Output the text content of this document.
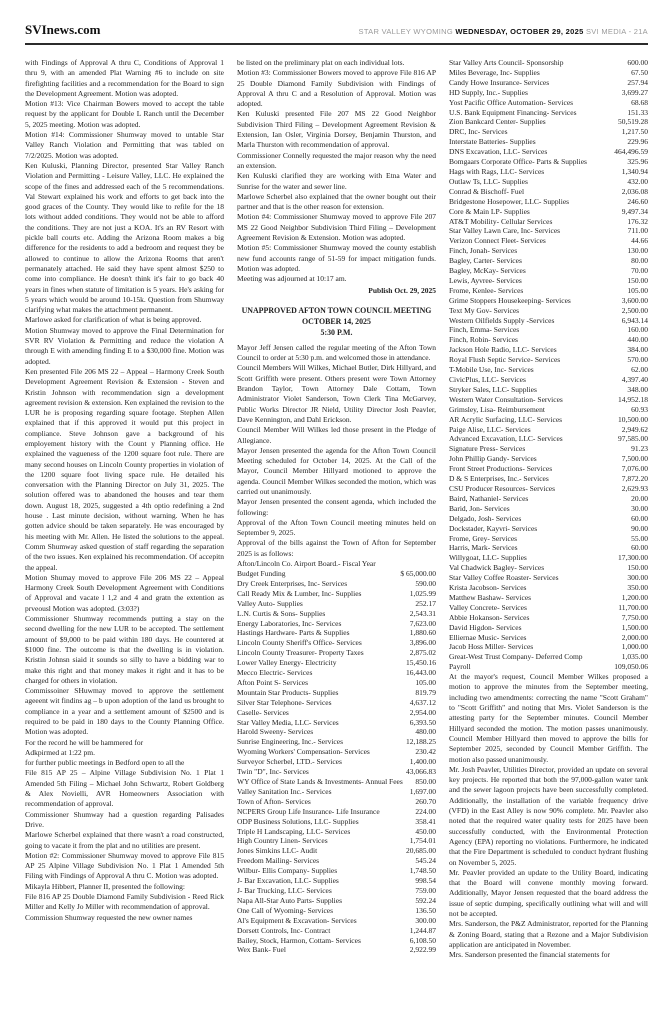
SVInews.com	STAR VALLEY WYOMING WEDNESDAY, OCTOBER 29, 2025 SVI MEDIA - 21A

with Findings of Approval A thru C, Conditions of Approval 1 thru 9, with an amended Plat Warning #6 to include on site firefighting facilities and a recommendation for the Board to sign the Development Agreement. Motion was adopted.

Motion #13: Vice Chairman Bowers moved to accept the table request by the applicant for Double L Ranch until the December 5, 2025 meeting. Motion was adopted.

Motion #14: Commissioner Shumway moved to untable Star Valley Ranch Violation and Permitting that was tabled on 7/2/2025. Motion was adopted.

Ken Kuluski, Planning Director, presented Star Valley Ranch Violation and Permitting - Leisure Valley, LLC. He explained the scope of the fines and addressed each of the 5 recommendations. Val Stewart explained his work and efforts to get back into the good graces of the County. They would like to refile for the 18 lots without added conditions. They would not be able to afford the conditions. They are not just a KOA. It's an RV Resort with pickle ball courts etc. Adding the Arizona Room makes a big difference for the residents to add a bedroom and request they be allowed to continue to allow the Arizona Rooms that aren't permanately attached. He said they have spent almost $250 to come into compliance. He doesn't think it's fair to go back 40 years in fines when statute of limitation is 5 years. He's asking for 5 years which would be around 10-15k. Question from Shumway clarifying what makes the attachment permanent.

Marlowe asked for clarification of what is being approved.

Motion Shumway moved to approve the Final Determination for SVR RV Violation & Permitting and reduce the violation A through E with amending finding E to a $30,000 fine. Motion was adopted.

Ken presented File 206 MS 22 – Appeal – Harmony Creek South Development Agreement Revision & Extension - Steven and Kristin Johnson with recommendation sign a development agreement revision & extension. Ken explained the revision to the LUR he is proposing regarding square footage. Stephen Allen explained that if this approved it would put this project in compliance. Steve Johnson gave a background of his employement history with the Count y Planning office. He explained the vagueness of the 1200 square foot rule. There are many second houses on Lincoln County properties in violation of the 1200 square foot living space rule. He detailed his conversation with the Planning Director on July 31, 2025. The solution offered was to abandoned the houses and tear them down. August 18, 2025, suggested a 4th optio redefining a 2nd house . Last minute decision, without warning. When he has gotten advice should be taken separately. He was encouraged by his meeting with Mr. Allen. He listed the solutions to the appeal. Comm Shumway asked question of staff regarding the separation of the two issues. Ken explained his recommendation. Of accepitn the appeal.

Motion Shumay moved to approve File 206 MS 22 – Appeal Harmony Creek South Development Agreement with Conditions of Approval and vacate l 1,2 and 4 and gratn the extention as prveousl Motion was adopted. (3:03?)

Commissioner Shumway recommends putting a stay on the second dwelling for the new LUR to be accepted. The settlement amount of $9,000 to be paid within 180 days. He countered at $1000 fine. The outcome is that the dwelling is in violation. Kristin Johnsn siaid it sounds so silly to have a bidding war to make this right and that money makes it right and it has to be charged for others in violation.

Commissoiner SHuwmay moved to approve the settlement ageeent wit findins ag – b upon adoption of the land us brought to compliance in a year and a settlement amount of $2500 and is required to be paid in 180 days to the County Planning Office. Motion was adopted.

For the record he will be hammered for

Adkpirmed at 1:22 pm.

for further public meetings in Bedford open to all the

File 815 AP 25 – Alpine Village Subdivision No. 1 Plat 1 Amended 5th Filing – Michael John Schwartz, Robert Goldberg & Alex Novielli, AVR Homeowners Association with recommendation of approval.

Commissioner Shumway had a question regarding Palisades Drive.

Marlowe Scherbel explained that there wasn't a road constructed, going to vacate it from the plat and no utilities are present.

Motion #2: Commissioner Shumway moved to approve File 815 AP 25 Alpine Village Subdivision No. 1 Plat 1 Amended 5th Filing with Findings of Approval A thru C. Motion was adopted.

Mikayla Hibbert, Planner II, presented the following:

File 816 AP 25 Double Diamond Family Subdivision - Reed Rick Miller and Kelly Jo Miller with recommendation of approval.

Commission Shumway requested the new owner names

be listed on the preliminary plat on each individual lots.

Motion #3: Commissioner Bowers moved to approve File 816 AP 25 Double Diamond Family Subdivision with Findings of Approval A thru C and a Resolution of Approval. Motion was adopted.

Ken Kuluski presented File 207 MS 22 Good Neighbor Subdivision Third Filing – Development Agreement Revision & Extension, Ian Osler, Virginia Dorsey, Benjamin Thurston, and Marla Thurston with recommendation of approval.

Commissioner Connelly requested the major reason why the need an extension.

Ken Kuluski clarified they are working with Etna Water and Sunrise for the water and sewer line.

Marlowe Scherbel also explained that the owner bought out their partner and that is the other reason for extension.

Motion #4: Commissioner Shumway moved to approve File 207 MS 22 Good Neighbor Subdivision Third Filing – Development Agreement Revision & Extension. Motion was adopted.

Motion #5: Commissioner Shumway moved the county establish new fund accounts range of 51-59 for impact mitigation funds. Motion was adopted.

Meeting was adjourned at 10:17 am.

Publish Oct. 29, 2025
UNAPPROVED AFTON TOWN COUNCIL MEETING
OCTOBER 14, 2025
5:30 P.M.

Mayor Jeff Jensen called the regular meeting of the Afton Town Council to order at 5:30 p.m. and welcomed those in attendance.

Council Members Will Wilkes, Michael Butler, Dirk Hillyard, and Scott Griffith were present. Others present were Town Attorney Brandon Taylor, Town Attorney Dale Cottam, Town Administrator Violet Sanderson, Town Clerk Tina McGarvey, Public Works Director JR Nield, Utility Director Josh Peavler, Dave Kennington, and Dahl Erickson.

Council Member Will Wilkes led those present in the Pledge of Allegiance.

Mayor Jensen presented the agenda for the Afton Town Council Meeting scheduled for October 14, 2025. At the Call of the Mayor, Council Member Hillyard motioned to approve the agenda. Council Member Wilkes seconded the motion, which was carried out unanimously.

Mayor Jensen presented the consent agenda, which included the following:

Approval of the Afton Town Council meeting minutes held on September 9, 2025.

Approval of the bills against the Town of Afton for September 2025 is as follows:

Afton/Lincoln Co. Airport Board.- Fiscal Year Budget Funding	$ 65,000.00
Dry Creek Enterprises, Inc- Services	590.00
Call Ready Mix & Lumber, Inc- Supplies	1,025.99
Valley Auto- Supplies	252.17
L.N. Curtis & Sons- Supplies	2,543.31
Energy Laboratories, Inc- Services	7,623.00
Hastings Hardware- Parts & Supplies	1,880.60
Lincoln County Sheriff's Office- Services	3,896.00
Lincoln County Treasurer- Property Taxes	2,875.02
Lower Valley Energy- Electricity	15,450.16
Mecco Electric- Services	16,443.00
Afton Point S- Services	105.00
Mountain Star Products- Supplies	819.79
Silver Star Telephone- Services	4,637.12
Caselle- Services	2,954.00
Star Valley Media, LLC- Services	6,393.50
Harold Sweeny- Services	480.00
Sunrise Engineering, Inc.- Services	12,188.25
Wyoming Workers' Compensation- Services	230.42
Surveyor Scherbel, LTD.- Services	1,400.00
Twin "D", Inc- Services	43,066.83
WY Office of State Lands & Investments- Annual Fees	850.00
Valley Sanitation Inc.- Services	1,697.00
Town of Afton- Services	260.70
NCPERS Group Life Insurance- Life Insurance	224.00
ODP Business Solutions, LLC- Supplies	358.41
Triple H Landscaping, LLC- Services	450.00
High Country Linen- Services	1,754.01
Jones Simkins LLC- Audit	20,685.00
Freedom Mailing- Services	545.24
Wilbur- Ellis Company- Supplies	1,748.50
J- Bar Excavation, LLC- Supplies	998.54
J- Bar Trucking, LLC- Services	759.00
Napa All-Star Auto Parts- Supplies	592.24
One Call of Wyoming- Services	136.50
Al's Equipment & Excavation- Services	300.00
Dorsett Controls, Inc- Contract	1,244.87
Bailey, Stock, Harmon, Cottam- Services	6,108.50
Wex Bank- Fuel	2,922.99
Star Valley Arts Council- Sponsorship	600.00
Miles Beverage, Inc- Supplies	67.50
Candy Howe Insurance- Services	257.94
HD Supply, Inc.- Supplies	3,699.27
Yost Pacific Office Automation- Services	68.68
U.S. Bank Equipment Financing- Services	151.33
Zion Bankcard Center- Supplies	50,519.28
DRC, Inc- Services	1,217.50
Interstate Batteries- Supplies	229.96
DNS Excavation, LLC- Services	464,496.59
Bomgaars Corporate Office- Parts & Supplies	325.96
Hags with Rags, LLC- Services	1,340.94
Outlaw Ts, LLC- Supplies	432.00
Conrad & Bischoff- Fuel	2,036.08
Bridgestone Hosepower, LLC- Supplies	246.60
Core & Main LP- Supplies	9,497.34
AT&T Mobility- Cellular Services	176.32
Star Valley Lawn Care, Inc- Services	711.00
Verizon Connect Fleet- Services	44.66
Finch, Jonah- Services	130.00
Bagley, Carter- Services	80.00
Bagley, McKay- Services	70.00
Lewis, Ayvree- Services	150.00
Frome, Kenlee- Services	105.00
Grime Stoppers Housekeeping- Services	3,600.00
Text My Gov- Services	2,500.00
Western Oilfields Supply -Services	6,943.14
Finch, Emma- Services	160.00
Finch, Robin- Services	440.00
Jackson Hole Radio, LLC- Services	384.00
Royal Flush Septic Service- Services	570.00
T-Mobile Use, Inc- Services	62.00
CivicPlus, LLC- Services	4,397.40
Stryker Sales, LLC- Supplies	348.00
Western Water Consultation- Services	14,952.18
Grimsley, Lisa- Reimbursement	60.93
AR Acrylic Surfacing, LLC- Services	10,500.00
Paige Alise, LLC- Services	2,949.62
Advanced Excavation, LLC- Services	97,585.00
Signature Press- Services	91.23
John Phillip Gandy- Services	7,500.00
Front Street Productions- Services	7,076.00
D & S Enterprises, Inc.- Services	7,872.20
CSU Producer Resources- Services	2,629.93
Baird, Nathaniel- Services	20.00
Barid, Jon- Services	30.00
Delgado, Josh- Services	60.00
Dockstader, Kayvri- Services	90.00
Frome, Grey- Services	55.00
Harris, Mark- Services	60.00
Willygoat, LLC- Supplies	17,300.00
Val Chadwick Bagley- Services	150.00
Star Valley Coffee Roaster- Services	300.00
Krista Jacobson- Services	350.00
Matthew Bashaw- Services	1,200.00
Valley Concrete- Services	11,700.00
Abbie Hokanson- Services	7,750.00
David Higdon- Services	1,500.00
Elliernae Music- Services	2,000.00
Jacob Hoss Miller- Services	1,000.00
Great-West Trust Company- Deferred Comp	1,035.00
Payroll	109,050.06

At the mayor's request, Council Member Wilkes proposed a motion to approve the minutes from the September meeting, including two amendments: correcting the name "Scott Graham" to "Scott Griffith" and noting that Mrs. Violet Sanderson is the attesting party for the September minutes. Council Member Hillyard seconded the motion. The motion passes unanimously. Council Member Hillyard then moved to approve the bills for September 2025, seconded by Council Member Griffith. The motion also passed unanimously.

Mr. Josh Peavler, Utilities Director, provided an update on several key projects. He reported that both the 97,000-gallon water tank and the sewer lagoon projects have been successfully completed. Additionally, the installation of the variable frequency drive (VFD) in the East Alley is now 90% complete. Mr. Peavler also noted that the required water quality tests for 2025 have been successfully conducted, with the Environmental Protection Agency (EPA) reporting no violations. Furthermore, he indicated that the Fire Department is scheduled to conduct hydrant flushing on November 5, 2025.

Mr. Peavler provided an update to the Utility Board, indicating that the Board will convene monthly moving forward. Additionally, Mayor Jensen requested that the board address the issue of septic dumping, specifically outlining what will and will not be accepted.

Mrs. Sanderson, the P&Z Administrator, reported for the Planning & Zoning Board, stating that a Rezone and a Major Subdivision application are anticipated in November.

Mrs. Sanderson presented the financial statements for
